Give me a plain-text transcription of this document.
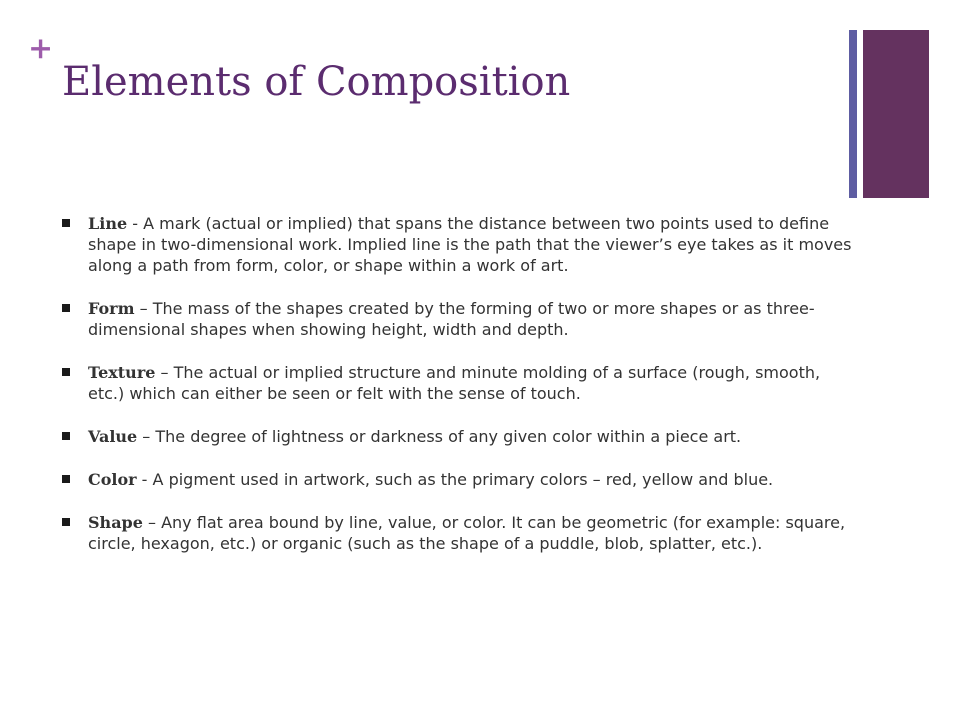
+
Elements of Composition
Line - A mark (actual or implied) that spans the distance between two points used to define shape in two-dimensional work. Implied line is the path that the viewer’s eye takes as it moves along a path from form, color, or shape within a work of art.
Form – The mass of the shapes created by the forming of two or more shapes or as three-dimensional shapes when showing height, width and depth.
Texture – The actual or implied structure and minute molding of a surface (rough, smooth, etc.) which can either be seen or felt with the sense of touch.
Value – The degree of lightness or darkness of any given color within a piece art.
Color - A pigment used in artwork, such as the primary colors – red, yellow and blue.
Shape – Any flat area bound by line, value, or color. It can be geometric (for example: square, circle, hexagon, etc.) or organic (such as the shape of a puddle, blob, splatter, etc.).
